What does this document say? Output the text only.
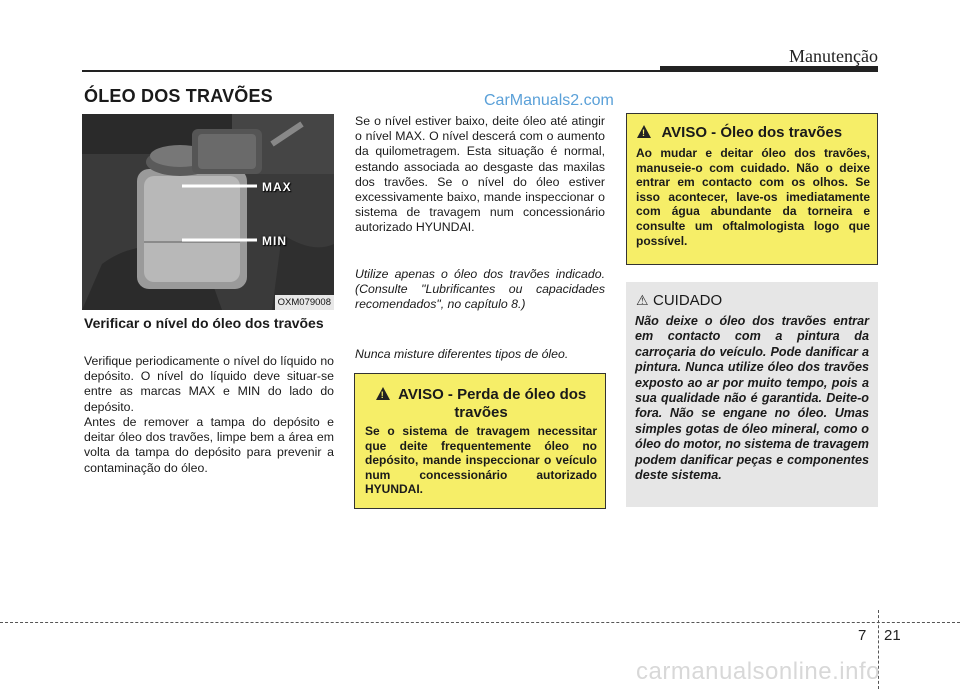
Manutenção
ÓLEO DOS TRAVÕES	CarManuals2.com
MAX
MIN
OXM079008
Verificar o nível do óleo dos travões
Verifique periodicamente o nível do líquido no depósito. O nível do líquido deve situar-se entre as marcas MAX e MIN do lado do depósito.
Antes de remover a tampa do depósito e deitar óleo dos travões, limpe bem a área em volta da tampa do depósito para prevenir a contaminação do óleo.
Se o nível estiver baixo, deite óleo até atingir o nível MAX. O nível descerá com o aumento da quilometragem. Esta situação é normal, estando associada ao desgaste das maxilas dos travões. Se o nível do óleo estiver excessivamente baixo, mande inspeccionar o sistema de travagem num concessionário autorizado HYUNDAI.
Utilize apenas o óleo dos travões indicado. (Consulte "Lubrificantes ou capacidades recomendados", no capítulo 8.)
Nunca misture diferentes tipos de óleo.
! AVISO - Perda de óleo dos travões
Se o sistema de travagem necessitar que deite frequentemente óleo no depósito, mande inspeccionar o veículo num concessionário autorizado HYUNDAI.
! AVISO - Óleo dos travões
Ao mudar e deitar óleo dos travões, manuseie-o com cuidado. Não o deixe entrar em contacto com os olhos. Se isso acontecer, lave-os imediatamente com água abundante da torneira e consulte um oftalmologista logo que possível.
⚠ CUIDADO
Não deixe o óleo dos travões entrar em contacto com a pintura da carroçaria do veículo. Pode danificar a pintura. Nunca utilize óleo dos travões exposto ao ar por muito tempo, pois a sua qualidade não é garantida. Deite-o fora. Não se engane no óleo. Umas simples gotas de óleo mineral, como o óleo do motor, no sistema de travagem podem danificar peças e componentes deste sistema.
7 21
carmanualsonline.info
